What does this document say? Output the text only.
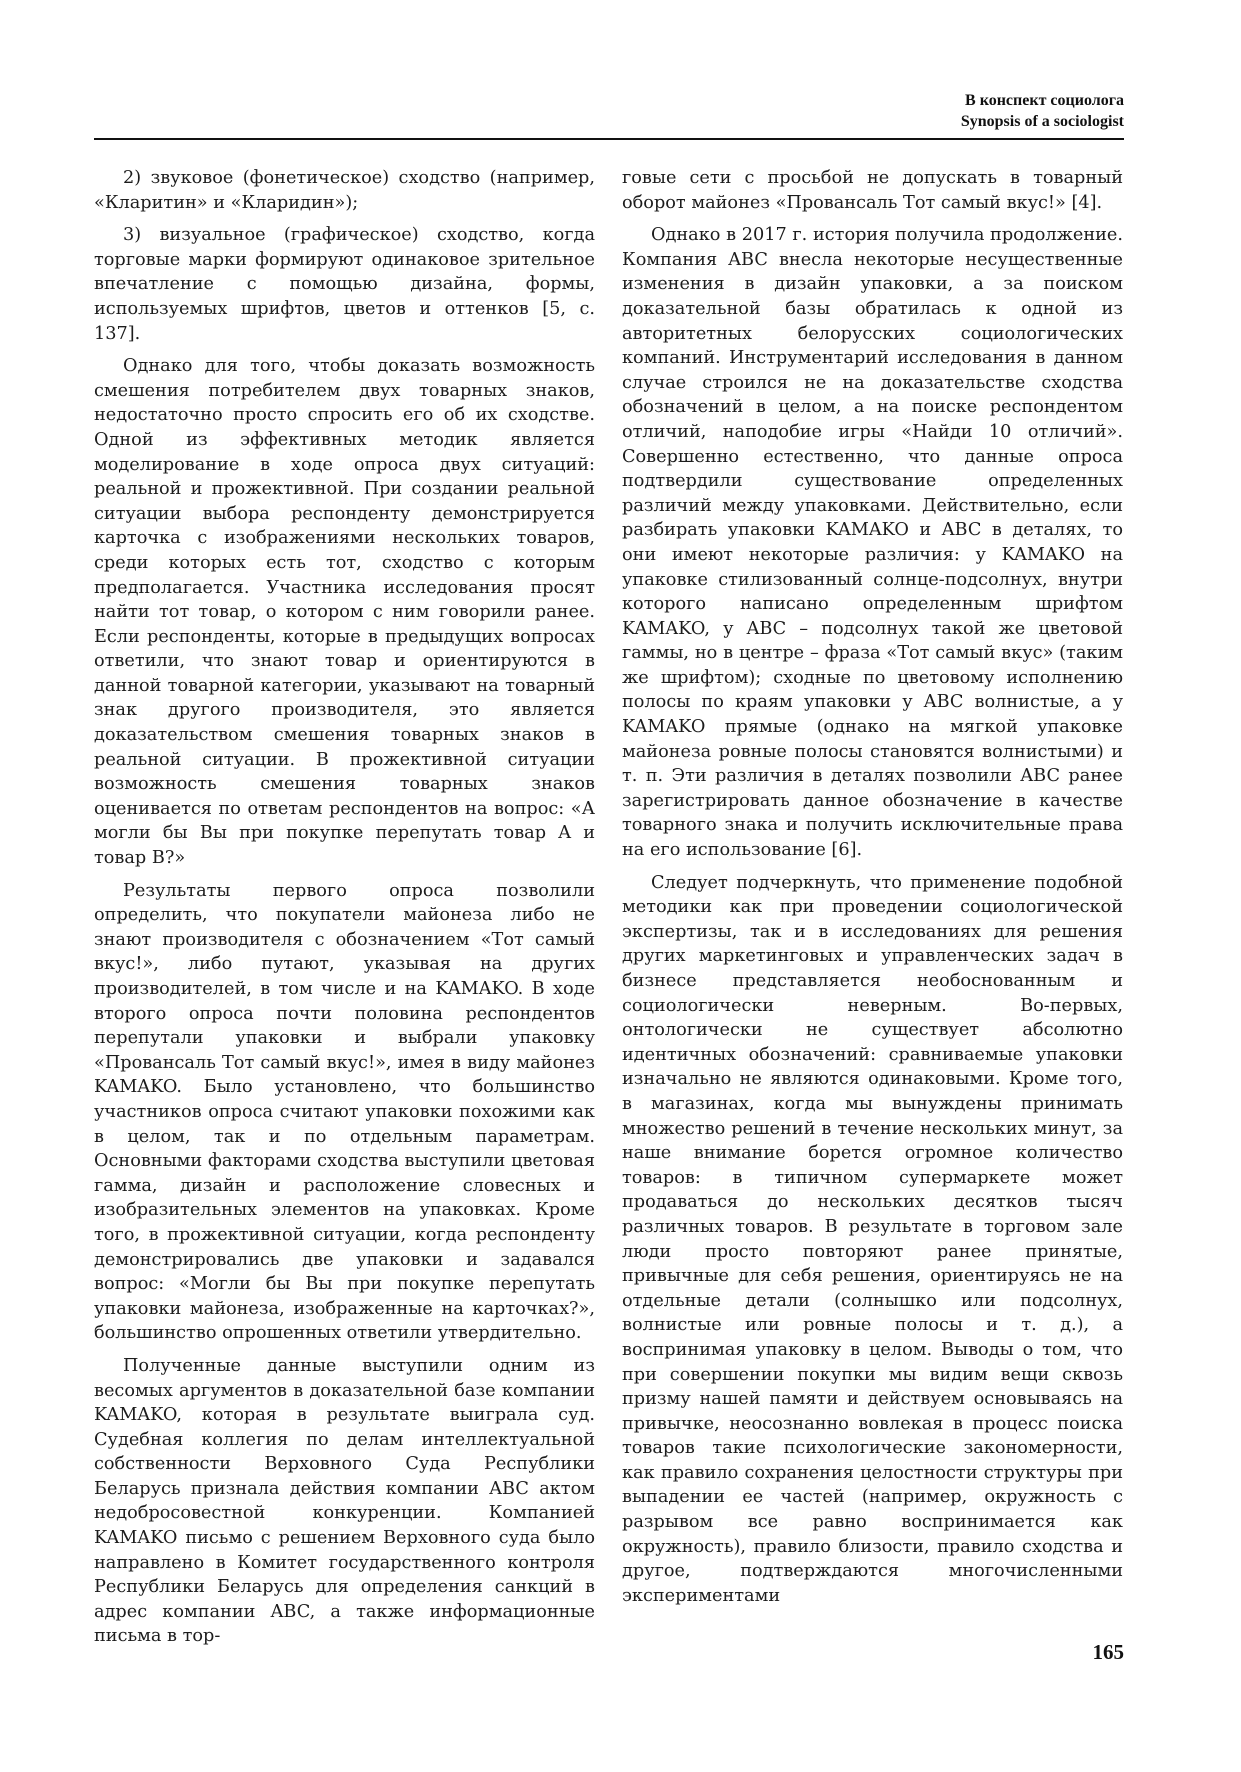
В конспект социолога
Synopsis of a sociologist

2) звуковое (фонетическое) сходство (например, «Кларитин» и «Кларидин»);

3) визуальное (графическое) сходство, когда торговые марки формируют одинаковое зрительное впечатление с помощью дизайна, формы, используемых шрифтов, цветов и оттенков [5, с. 137].

Однако для того, чтобы доказать возможность смешения потребителем двух товарных знаков, недостаточно просто спросить его об их сходстве. Одной из эффективных методик является моделирование в ходе опроса двух ситуаций: реальной и прожективной. При создании реальной ситуации выбора респонденту демонстрируется карточка с изображениями нескольких товаров, среди которых есть тот, сходство с которым предполагается. Участника исследования просят найти тот товар, о котором с ним говорили ранее. Если респонденты, которые в предыдущих вопросах ответили, что знают товар и ориентируются в данной товарной категории, указывают на товарный знак другого производителя, это является доказательством смешения товарных знаков в реальной ситуации. В прожективной ситуации возможность смешения товарных знаков оценивается по ответам респондентов на вопрос: «А могли бы Вы при покупке перепутать товар A и товар B?»

Результаты первого опроса позволили определить, что покупатели майонеза либо не знают производителя с обозначением «Тот самый вкус!», либо путают, указывая на других производителей, в том числе и на KAMAKO. В ходе второго опроса почти половина респондентов перепутали упаковки и выбрали упаковку «Провансаль Тот самый вкус!», имея в виду майонез KAMAKO. Было установлено, что большинство участников опроса считают упаковки похожими как в целом, так и по отдельным параметрам. Основными факторами сходства выступили цветовая гамма, дизайн и расположение словесных и изобразительных элементов на упаковках. Кроме того, в прожективной ситуации, когда респонденту демонстрировались две упаковки и задавался вопрос: «Могли бы Вы при покупке перепутать упаковки майонеза, изображенные на карточках?», большинство опрошенных ответили утвердительно.

Полученные данные выступили одним из весомых аргументов в доказательной базе компании KAMAKO, которая в результате выиграла суд. Судебная коллегия по делам интеллектуальной собственности Верховного Суда Республики Беларусь признала действия компании ABC актом недобросовестной конкуренции. Компанией KAMAKO письмо с решением Верховного суда было направлено в Комитет государственного контроля Республики Беларусь для определения санкций в адрес компании ABC, а также информационные письма в тор-

говые сети с просьбой не допускать в товарный оборот майонез «Провансаль Тот самый вкус!» [4].

Однако в 2017 г. история получила продолжение. Компания ABC внесла некоторые несущественные изменения в дизайн упаковки, а за поиском доказательной базы обратилась к одной из авторитетных белорусских социологических компаний. Инструментарий исследования в данном случае строился не на доказательстве сходства обозначений в целом, а на поиске респондентом отличий, наподобие игры «Найди 10 отличий». Совершенно естественно, что данные опроса подтвердили существование определенных различий между упаковками. Действительно, если разбирать упаковки KAMAKO и ABC в деталях, то они имеют некоторые различия: у KAMAKO на упаковке стилизованный солнце-подсолнух, внутри которого написано определенным шрифтом KAMAKO, у ABC – подсолнух такой же цветовой гаммы, но в центре – фраза «Тот самый вкус» (таким же шрифтом); сходные по цветовому исполнению полосы по краям упаковки у ABC волнистые, а у KAMAKO прямые (однако на мягкой упаковке майонеза ровные полосы становятся волнистыми) и т. п. Эти различия в деталях позволили ABC ранее зарегистрировать данное обозначение в качестве товарного знака и получить исключительные права на его использование [6].

Следует подчеркнуть, что применение подобной методики как при проведении социологической экспертизы, так и в исследованиях для решения других маркетинговых и управленческих задач в бизнесе представляется необоснованным и социологически неверным. Во-первых, онтологически не существует абсолютно идентичных обозначений: сравниваемые упаковки изначально не являются одинаковыми. Кроме того, в магазинах, когда мы вынуждены принимать множество решений в течение нескольких минут, за наше внимание борется огромное количество товаров: в типичном супермаркете может продаваться до нескольких десятков тысяч различных товаров. В результате в торговом зале люди просто повторяют ранее принятые, привычные для себя решения, ориентируясь не на отдельные детали (солнышко или подсолнух, волнистые или ровные полосы и т. д.), а воспринимая упаковку в целом. Выводы о том, что при совершении покупки мы видим вещи сквозь призму нашей памяти и действуем основываясь на привычке, неосознанно вовлекая в процесс поиска товаров такие психологические закономерности, как правило сохранения целостности структуры при выпадении ее частей (например, окружность с разрывом все равно воспринимается как окружность), правило близости, правило сходства и другое, подтверждаются многочисленными экспериментами

165
